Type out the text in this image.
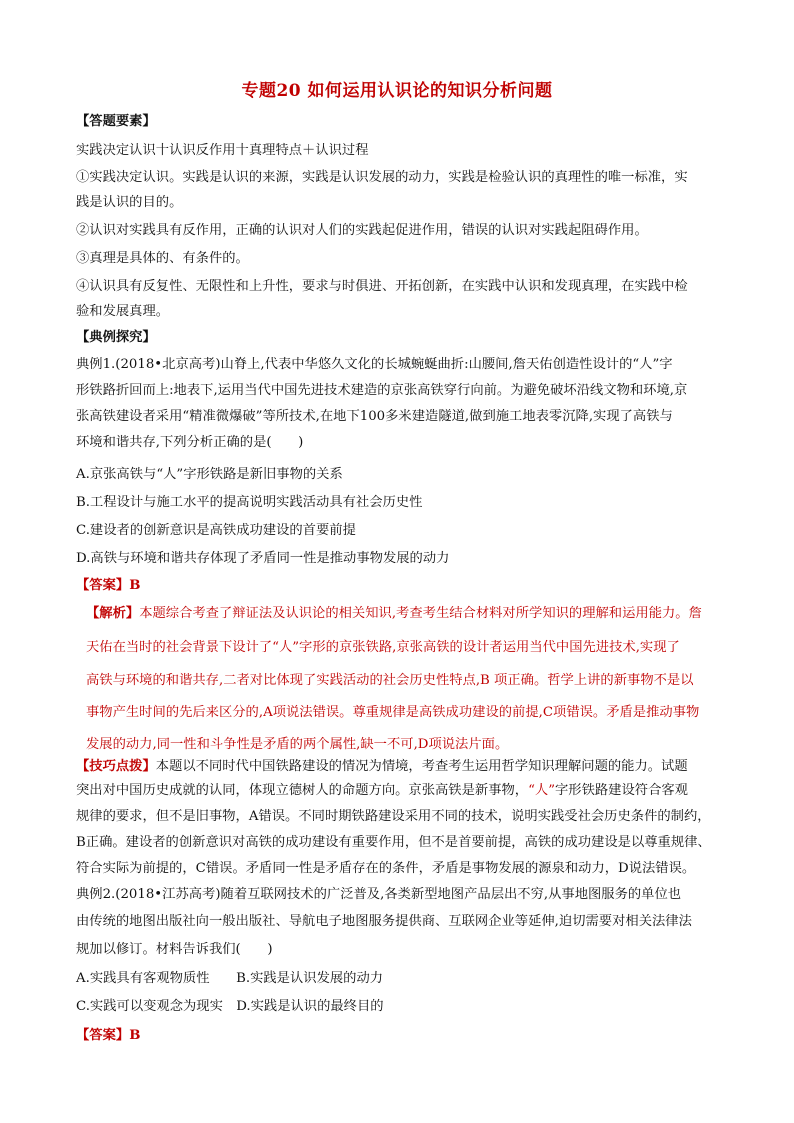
专题20 如何运用认识论的知识分析问题
【答题要素】
实践决定认识十认识反作用十真理特点＋认识过程
①实践决定认识。实践是认识的来源，实践是认识发展的动力，实践是检验认识的真理性的唯一标准，实
践是认识的目的。
②认识对实践具有反作用，正确的认识对人们的实践起促进作用，错误的认识对实践起阻碍作用。
③真理是具体的、有条件的。
④认识具有反复性、无限性和上升性，要求与时俱进、开拓创新，在实践中认识和发现真理，在实践中检
验和发展真理。
【典例探究】
典例1.(2018•北京高考)山脊上,代表中华悠久文化的长城蜿蜒曲折:山腰间,詹天佑创造性设计的“人”字
形铁路折回而上:地表下,运用当代中国先进技术建造的京张高铁穿行向前。为避免破坏沿线文物和环境,京
张高铁建设者采用“精准微爆破”等所技术,在地下100多米建造隧道,做到施工地表零沉降,实现了高铁与
环境和谐共存,下列分析正确的是(　　)
A.京张高铁与“人”字形铁路是新旧事物的关系
B.工程设计与施工水平的提高说明实践活动具有社会历史性
C.建设者的创新意识是高铁成功建设的首要前提
D.高铁与环境和谐共存体现了矛盾同一性是推动事物发展的动力
【答案】B
【解析】本题综合考查了辩证法及认识论的相关知识,考查考生结合材料对所学知识的理解和运用能力。詹
天佑在当时的社会背景下设计了“人”字形的京张铁路,京张高铁的设计者运用当代中国先进技术,实现了
高铁与环境的和谐共存,二者对比体现了实践活动的社会历史性特点,B 项正确。哲学上讲的新事物不是以
事物产生时间的先后来区分的,A项说法错误。尊重规律是高铁成功建设的前提,C项错误。矛盾是推动事物
发展的动力,同一性和斗争性是矛盾的两个属性,缺一不可,D项说法片面。
【技巧点拨】本题以不同时代中国铁路建设的情况为情境，考查考生运用哲学知识理解问题的能力。试题
突出对中国历史成就的认同，体现立德树人的命题方向。京张高铁是新事物，“人”字形铁路建设符合客观
规律的要求，但不是旧事物，A错误。不同时期铁路建设采用不同的技术，说明实践受社会历史条件的制约，
B正确。建设者的创新意识对高铁的成功建设有重要作用，但不是首要前提，高铁的成功建设是以尊重规律、
符合实际为前提的，C错误。矛盾同一性是矛盾存在的条件，矛盾是事物发展的源泉和动力，D说法错误。
典例2.(2018•江苏高考)随着互联网技术的广泛普及,各类新型地图产品层出不穷,从事地图服务的单位也
由传统的地图出版社向一般出版社、导航电子地图服务提供商、互联网企业等延伸,迫切需要对相关法律法
规加以修订。材料告诉我们(　　)
A.实践具有客观物质性　　B.实践是认识发展的动力
C.实践可以变观念为现实　D.实践是认识的最终目的
【答案】B
